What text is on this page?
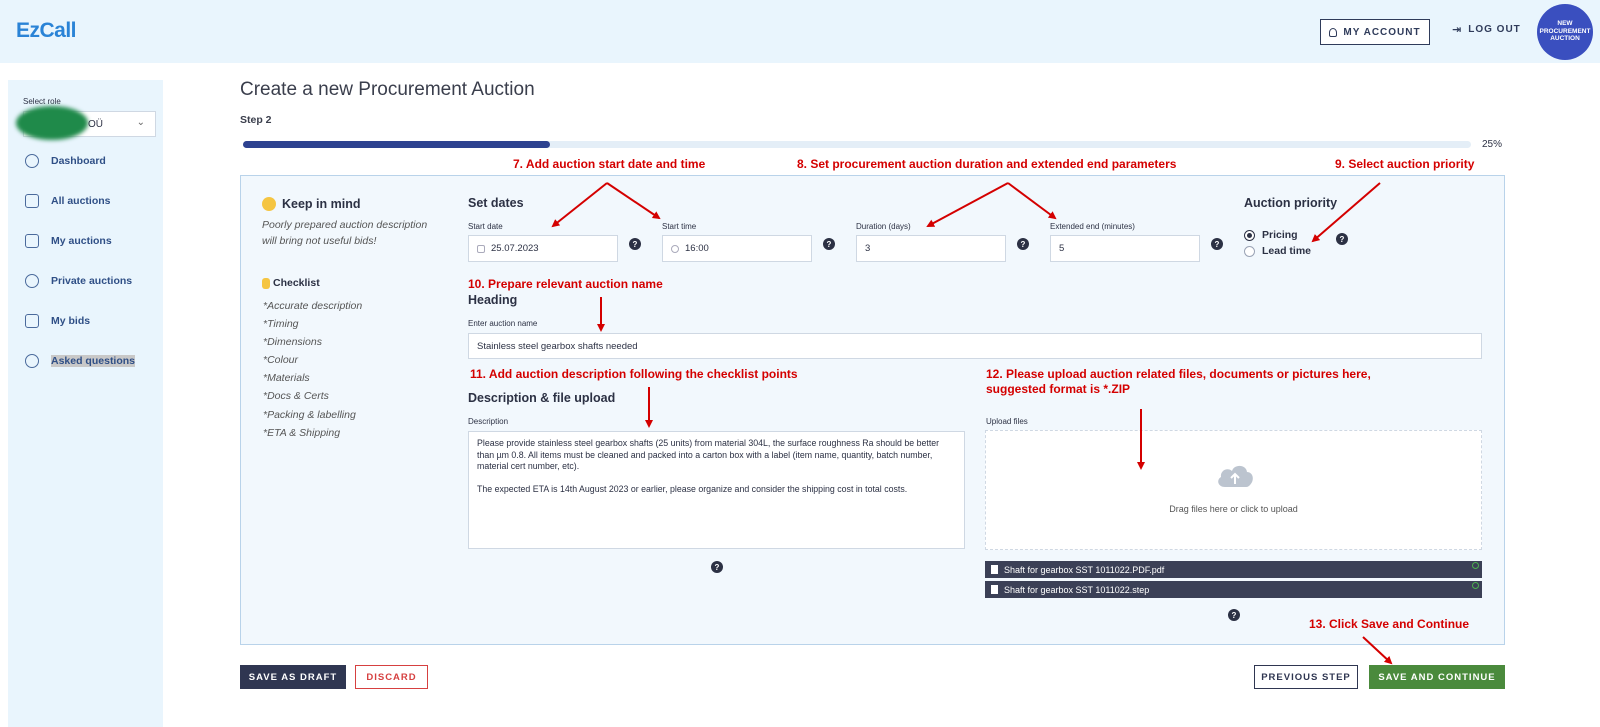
EzCall	MY ACCOUNT	⇥ LOG OUT
NEW
PROCUREMENT
AUCTION
Select role
OÜ	⌄
Dashboard
All auctions
My auctions
Private auctions
My bids
Asked questions
Create a new Procurement Auction
Step 2
25%
Keep in mind
Poorly prepared auction description will bring not useful bids!
Checklist
*Accurate description
*Timing
*Dimensions
*Colour
*Materials
*Docs & Certs
*Packing & labelling
*ETA & Shipping
Set dates
Start date
25.07.2023	?
Start time
16:00	?
Duration (days)
3	?
Extended end (minutes)
5	?
Auction priority
Pricing
Lead time
?
Heading
Enter auction name
Stainless steel gearbox shafts needed
Description & file upload
Description
Please provide stainless steel gearbox shafts (25 units) from material 304L, the surface roughness Ra should be better than µm 0.8. All items must be cleaned and packed into a carton box with a label (item name, quantity, batch number, material cert number, etc).

The expected ETA is 14th August 2023 or earlier, please organize and consider the shipping cost in total costs.
?
Upload files
Drag files here or click to upload
Shaft for gearbox SST 1011022.PDF.pdf
Shaft for gearbox SST 1011022.step
?
7. Add auction start date and time	8. Set procurement auction duration and extended end parameters	9. Select auction priority
10. Prepare relevant auction name
11. Add auction description following the checklist points	12. Please upload auction related files, documents or pictures here,
suggested format is *.ZIP
13. Click Save and Continue
SAVE AS DRAFT	DISCARD	PREVIOUS STEP	SAVE AND CONTINUE
